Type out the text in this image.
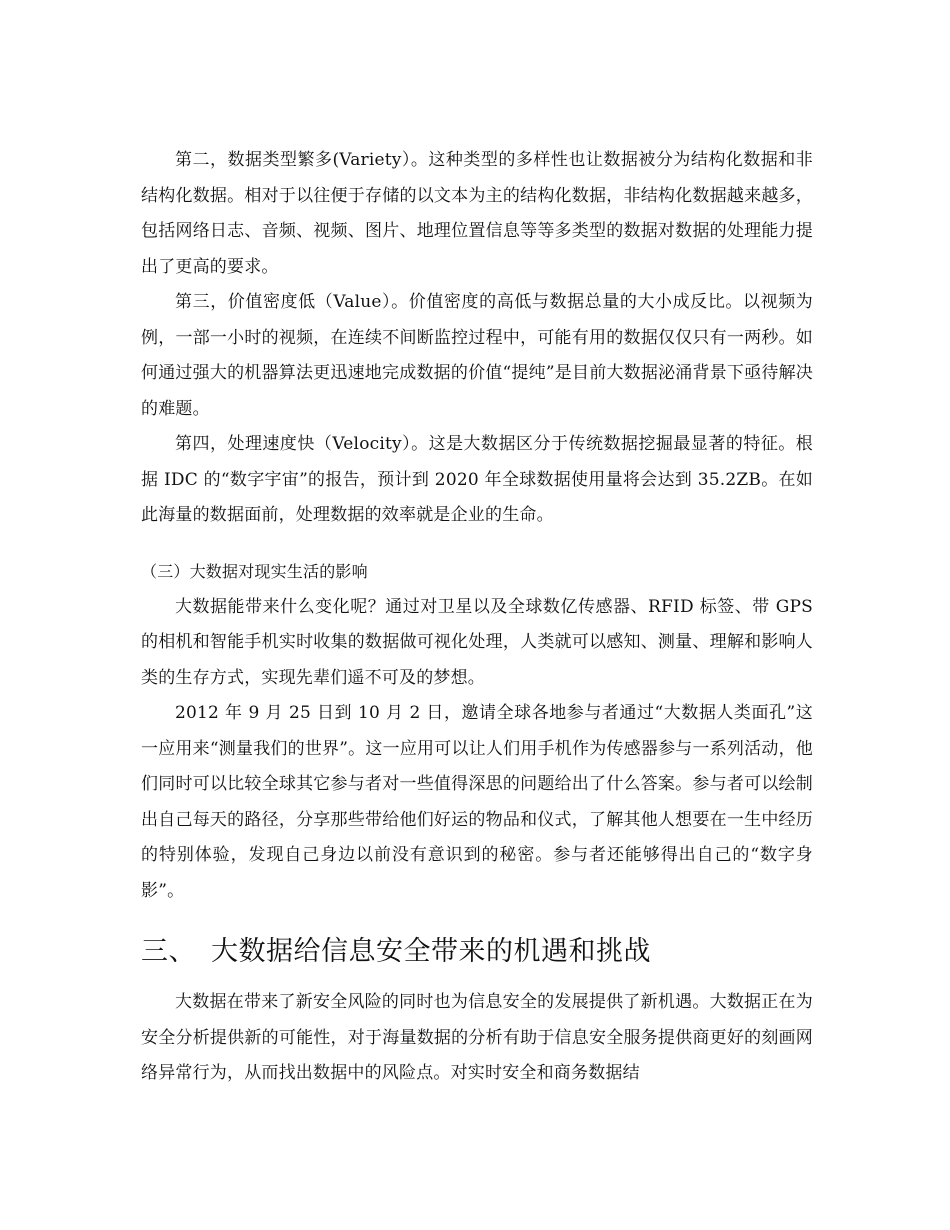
第二，数据类型繁多(Variety）。这种类型的多样性也让数据被分为结构化数据和非结构化数据。相对于以往便于存储的以文本为主的结构化数据，非结构化数据越来越多，包括网络日志、音频、视频、图片、地理位置信息等等多类型的数据对数据的处理能力提出了更高的要求。

第三，价值密度低（Value）。价值密度的高低与数据总量的大小成反比。以视频为例，一部一小时的视频，在连续不间断监控过程中，可能有用的数据仅仅只有一两秒。如何通过强大的机器算法更迅速地完成数据的价值“提纯”是目前大数据泌涌背景下亟待解决的难题。

第四，处理速度快（Velocity）。这是大数据区分于传统数据挖掘最显著的特征。根据 IDC 的“数字宇宙”的报告，预计到 2020 年全球数据使用量将会达到 35.2ZB。在如此海量的数据面前，处理数据的效率就是企业的生命。

（三）大数据对现实生活的影响

大数据能带来什么变化呢？通过对卫星以及全球数亿传感器、RFID 标签、带 GPS 的相机和智能手机实时收集的数据做可视化处理，人类就可以感知、测量、理解和影响人类的生存方式，实现先辈们遥不可及的梦想。

2012 年 9 月 25 日到 10 月 2 日，邀请全球各地参与者通过“大数据人类面孔”这一应用来“测量我们的世界”。这一应用可以让人们用手机作为传感器参与一系列活动，他们同时可以比较全球其它参与者对一些值得深思的问题给出了什么答案。参与者可以绘制出自己每天的路径，分享那些带给他们好运的物品和仪式，了解其他人想要在一生中经历的特别体验，发现自己身边以前没有意识到的秘密。参与者还能够得出自己的“数字身影”。

三、 大数据给信息安全带来的机遇和挑战

大数据在带来了新安全风险的同时也为信息安全的发展提供了新机遇。大数据正在为安全分析提供新的可能性，对于海量数据的分析有助于信息安全服务提供商更好的刻画网络异常行为，从而找出数据中的风险点。对实时安全和商务数据结
